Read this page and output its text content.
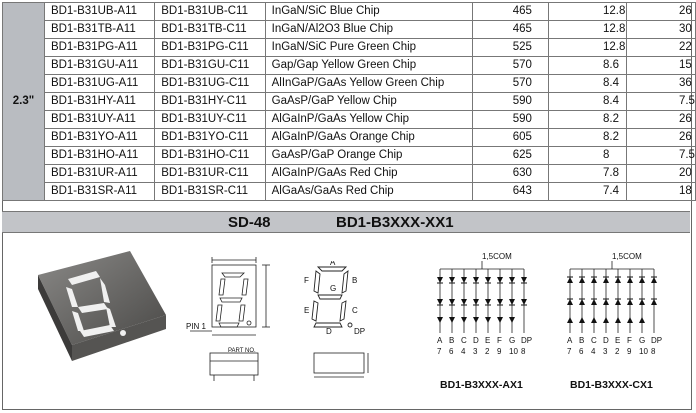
2.3"	BD1-B31UB-A11	BD1-B31UB-C11	InGaN/SiC Blue Chip	465	12.8	26
	BD1-B31TB-A11	BD1-B31TB-C11	InGaN/Al2O3 Blue Chip	465	12.8	30
	BD1-B31PG-A11	BD1-B31PG-C11	InGaN/SiC Pure Green Chip	525	12.8	22
	BD1-B31GU-A11	BD1-B31GU-C11	Gap/Gap Yellow Green Chip	570	8.6	15
	BD1-B31UG-A11	BD1-B31UG-C11	AlInGaP/GaAs Yellow Green Chip	570	8.4	36
	BD1-B31HY-A11	BD1-B31HY-C11	GaAsP/GaP Yellow Chip	590	8.4	7.5
	BD1-B31UY-A11	BD1-B31UY-C11	AlGaInP/GaAs Yellow Chip	590	8.2	26
	BD1-B31YO-A11	BD1-B31YO-C11	AlGaInP/GaAs Orange Chip	605	8.2	26
	BD1-B31HO-A11	BD1-B31HO-C11	GaAsP/GaP Orange Chip	625	8	7.5
	BD1-B31UR-A11	BD1-B31UR-C11	AlGaInP/GaAs Red Chip	630	7.8	20
	BD1-B31SR-A11	BD1-B31SR-C11	AlGaAs/GaAs Red Chip	643	7.4	18
SD-48	BD1-B3XXX-XX1
PIN 1
PART NO.
A
B
C
D
E
F
G
DP
1,5COM
A
7
B
6
C
4
D
3
E
2
F
9
G
10
DP
8
1,5COM
A
7
B
6
C
4
D
3
E
2
F
9
G
10
DP
8
BD1-B3XXX-AX1	BD1-B3XXX-CX1
